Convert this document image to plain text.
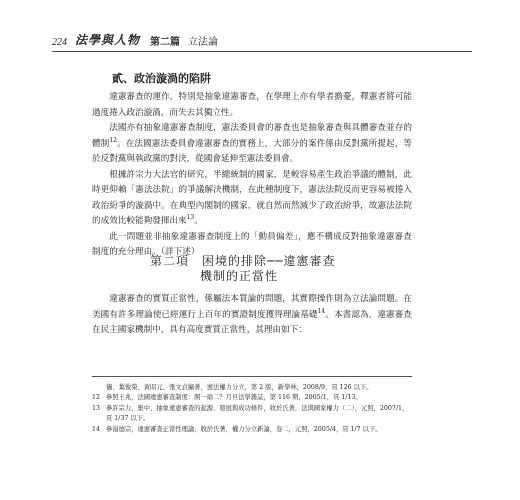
224 法學與人物 第二篇 立法論
貳、政治漩渦的陷阱

違憲審查的運作，特別是抽象違憲審查，在學理上亦有學者擔憂，釋憲者將可能過度捲入政治漩渦，而失去其獨立性。

法國亦有抽象違憲審查制度，憲法委員會的審查也是抽象審查與具體審查並存的體制$^{12}$。在法國憲法委員會違憲審查的實務上，大部分的案件係由反對黨所提起，等於反對黨與執政黨的對決，從國會延伸至憲法委員會。

根據許宗力大法官的研究，半總統制的國家，是較容易產生政治爭議的體制，此時更仰賴「憲法法院」的爭議解決機制，在此種制度下，憲法法院反而更容易被捲入政治紛爭的漩渦中。在典型內閣制的國家，就自然而然減少了政治紛爭，故憲法法院的成效比較能夠發揮出來$^{13}$。

此一問題並非抽象違憲審查制度上的「動員偏差」，應不構成反對抽象違憲審查制度的充分理由。（詳下述）

第二項　困境的排除──違憲審查
機制的正當性

違憲審查的實質正當性，係屬法本質論的問題，其實際操作則為立法論問題。在美國有許多理論使已經運行上百年的實證制度獲得理論基礎$^{14}$。本書認為，違憲審查在民主國家機制中，具有高度實質正當性，其理由如下：

儀、葉俊榮、黃昭元、張文貞編著，憲法權力分立，第 2 版，新學林，2008/9，頁 126 以下。
12 參照王兆，法國違憲審查制度：開一扇二？月旦法學雜誌，第 116 期，2005/1，頁 1/13。
13 參許宗力，集中、抽象違憲審查的起源、發展與成功條件，收於氏著，法與國家權力（二），元照，2007/1，頁 1/37 以下。
14 參湯德宗，違憲審查正當性理論，收於氏著，權力分立新論，卷二，元照，2005/4，頁 1/7 以下。
